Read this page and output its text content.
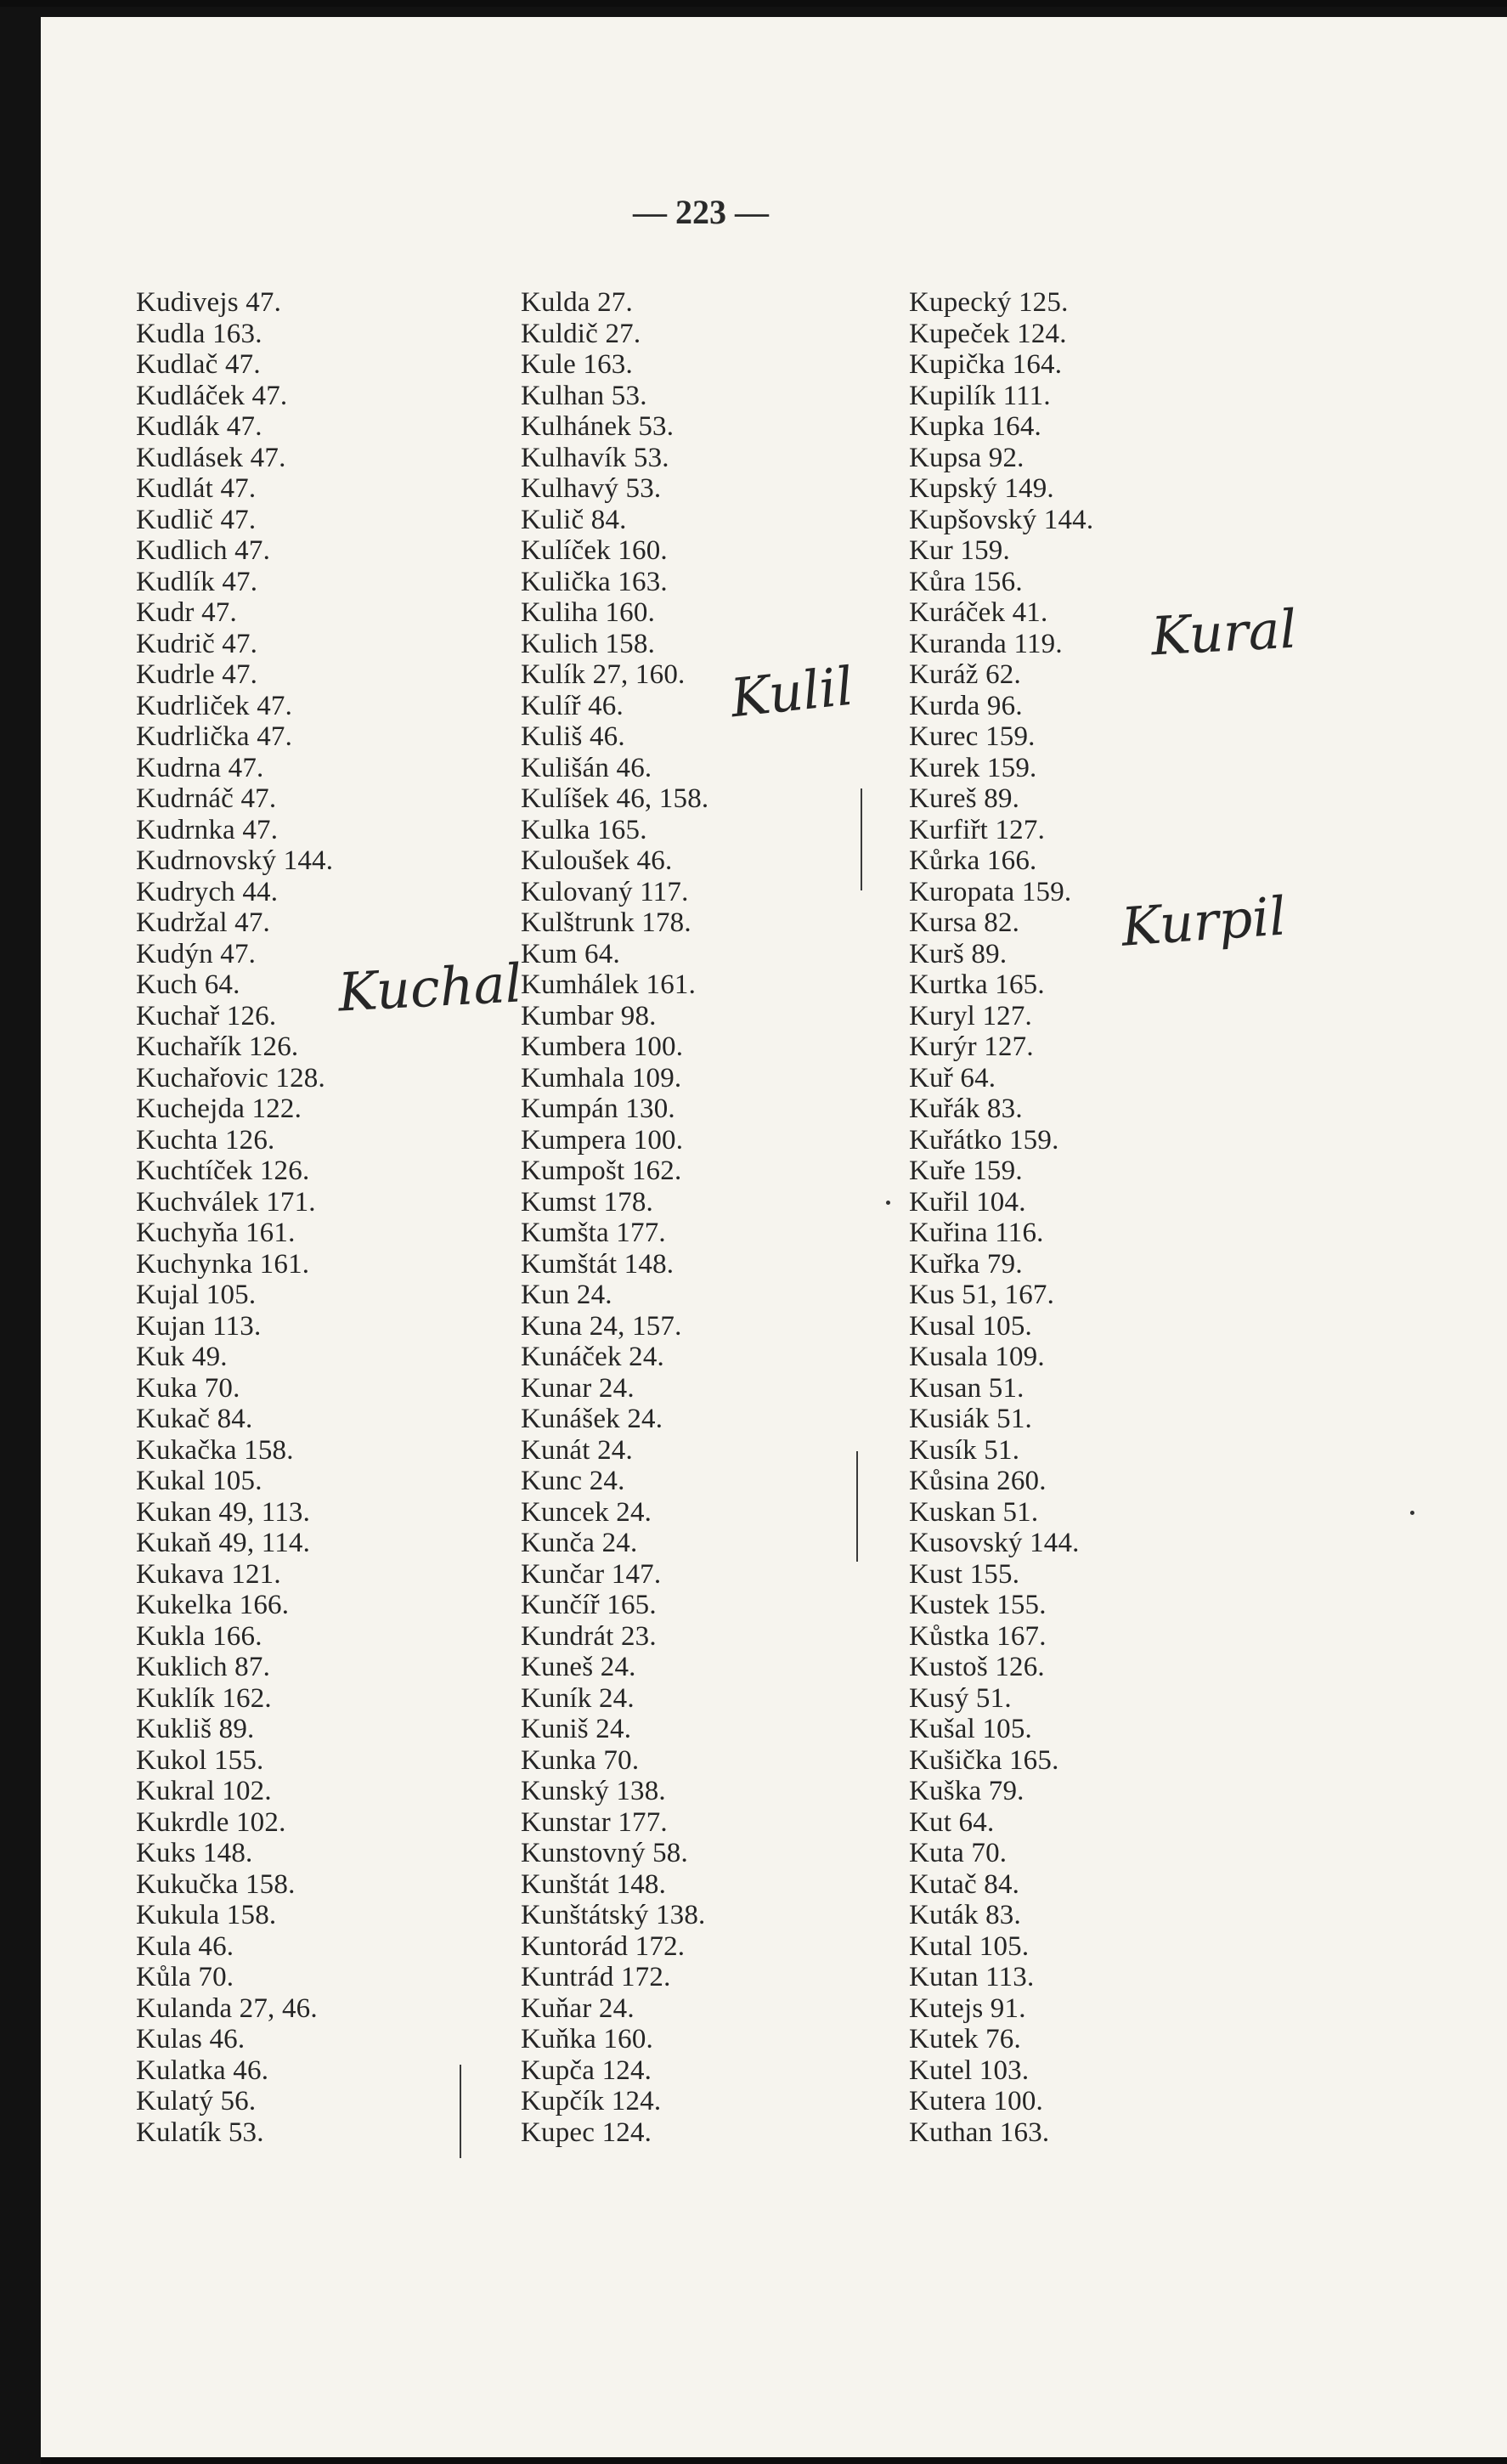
— 223 —
Kudivejs 47.
Kudla 163.
Kudlač 47.
Kudláček 47.
Kudlák 47.
Kudlásek 47.
Kudlát 47.
Kudlič 47.
Kudlich 47.
Kudlík 47.
Kudr 47.
Kudrič 47.
Kudrle 47.
Kudrliček 47.
Kudrlička 47.
Kudrna 47.
Kudrnáč 47.
Kudrnka 47.
Kudrnovský 144.
Kudrych 44.
Kudržal 47.
Kudýn 47.
Kuch 64.
Kuchař 126.
Kuchařík 126.
Kuchařovic 128.
Kuchejda 122.
Kuchta 126.
Kuchtíček 126.
Kuchválek 171.
Kuchyňa 161.
Kuchynka 161.
Kujal 105.
Kujan 113.
Kuk 49.
Kuka 70.
Kukač 84.
Kukačka 158.
Kukal 105.
Kukan 49, 113.
Kukaň 49, 114.
Kukava 121.
Kukelka 166.
Kukla 166.
Kuklich 87.
Kuklík 162.
Kukliš 89.
Kukol 155.
Kukral 102.
Kukrdle 102.
Kuks 148.
Kukučka 158.
Kukula 158.
Kula 46.
Kůla 70.
Kulanda 27, 46.
Kulas 46.
Kulatka 46.
Kulatý 56.
Kulatík 53.
Kulda 27.
Kuldič 27.
Kule 163.
Kulhan 53.
Kulhánek 53.
Kulhavík 53.
Kulhavý 53.
Kulič 84.
Kulíček 160.
Kulička 163.
Kuliha 160.
Kulich 158.
Kulík 27, 160.
Kulíř 46.
Kuliš 46.
Kulišán 46.
Kulíšek 46, 158.
Kulka 165.
Kuloušek 46.
Kulovaný 117.
Kulštrunk 178.
Kum 64.
Kumhálek 161.
Kumbar 98.
Kumbera 100.
Kumhala 109.
Kumpán 130.
Kumpera 100.
Kumpošt 162.
Kumst 178.
Kumšta 177.
Kumštát 148.
Kun 24.
Kuna 24, 157.
Kunáček 24.
Kunar 24.
Kunášek 24.
Kunát 24.
Kunc 24.
Kuncek 24.
Kunča 24.
Kunčar 147.
Kunčíř 165.
Kundrát 23.
Kuneš 24.
Kuník 24.
Kuniš 24.
Kunka 70.
Kunský 138.
Kunstar 177.
Kunstovný 58.
Kunštát 148.
Kunštátský 138.
Kuntorád 172.
Kuntrád 172.
Kuňar 24.
Kuňka 160.
Kupča 124.
Kupčík 124.
Kupec 124.
Kupecký 125.
Kupeček 124.
Kupička 164.
Kupilík 111.
Kupka 164.
Kupsa 92.
Kupský 149.
Kupšovský 144.
Kur 159.
Kůra 156.
Kuráček 41.
Kuranda 119.
Kuráž 62.
Kurda 96.
Kurec 159.
Kurek 159.
Kureš 89.
Kurfiřt 127.
Kůrka 166.
Kuropata 159.
Kursa 82.
Kurš 89.
Kurtka 165.
Kuryl 127.
Kurýr 127.
Kuř 64.
Kuřák 83.
Kuřátko 159.
Kuře 159.
Kuřil 104.
Kuřina 116.
Kuřka 79.
Kus 51, 167.
Kusal 105.
Kusala 109.
Kusan 51.
Kusiák 51.
Kusík 51.
Kůsina 260.
Kuskan 51.
Kusovský 144.
Kust 155.
Kustek 155.
Kůstka 167.
Kustoš 126.
Kusý 51.
Kušal 105.
Kušička 165.
Kuška 79.
Kut 64.
Kuta 70.
Kutač 84.
Kuták 83.
Kutal 105.
Kutan 113.
Kutejs 91.
Kutek 76.
Kutel 103.
Kutera 100.
Kuthan 163.
Kuchal
Kulil
Kural
Kurpil
